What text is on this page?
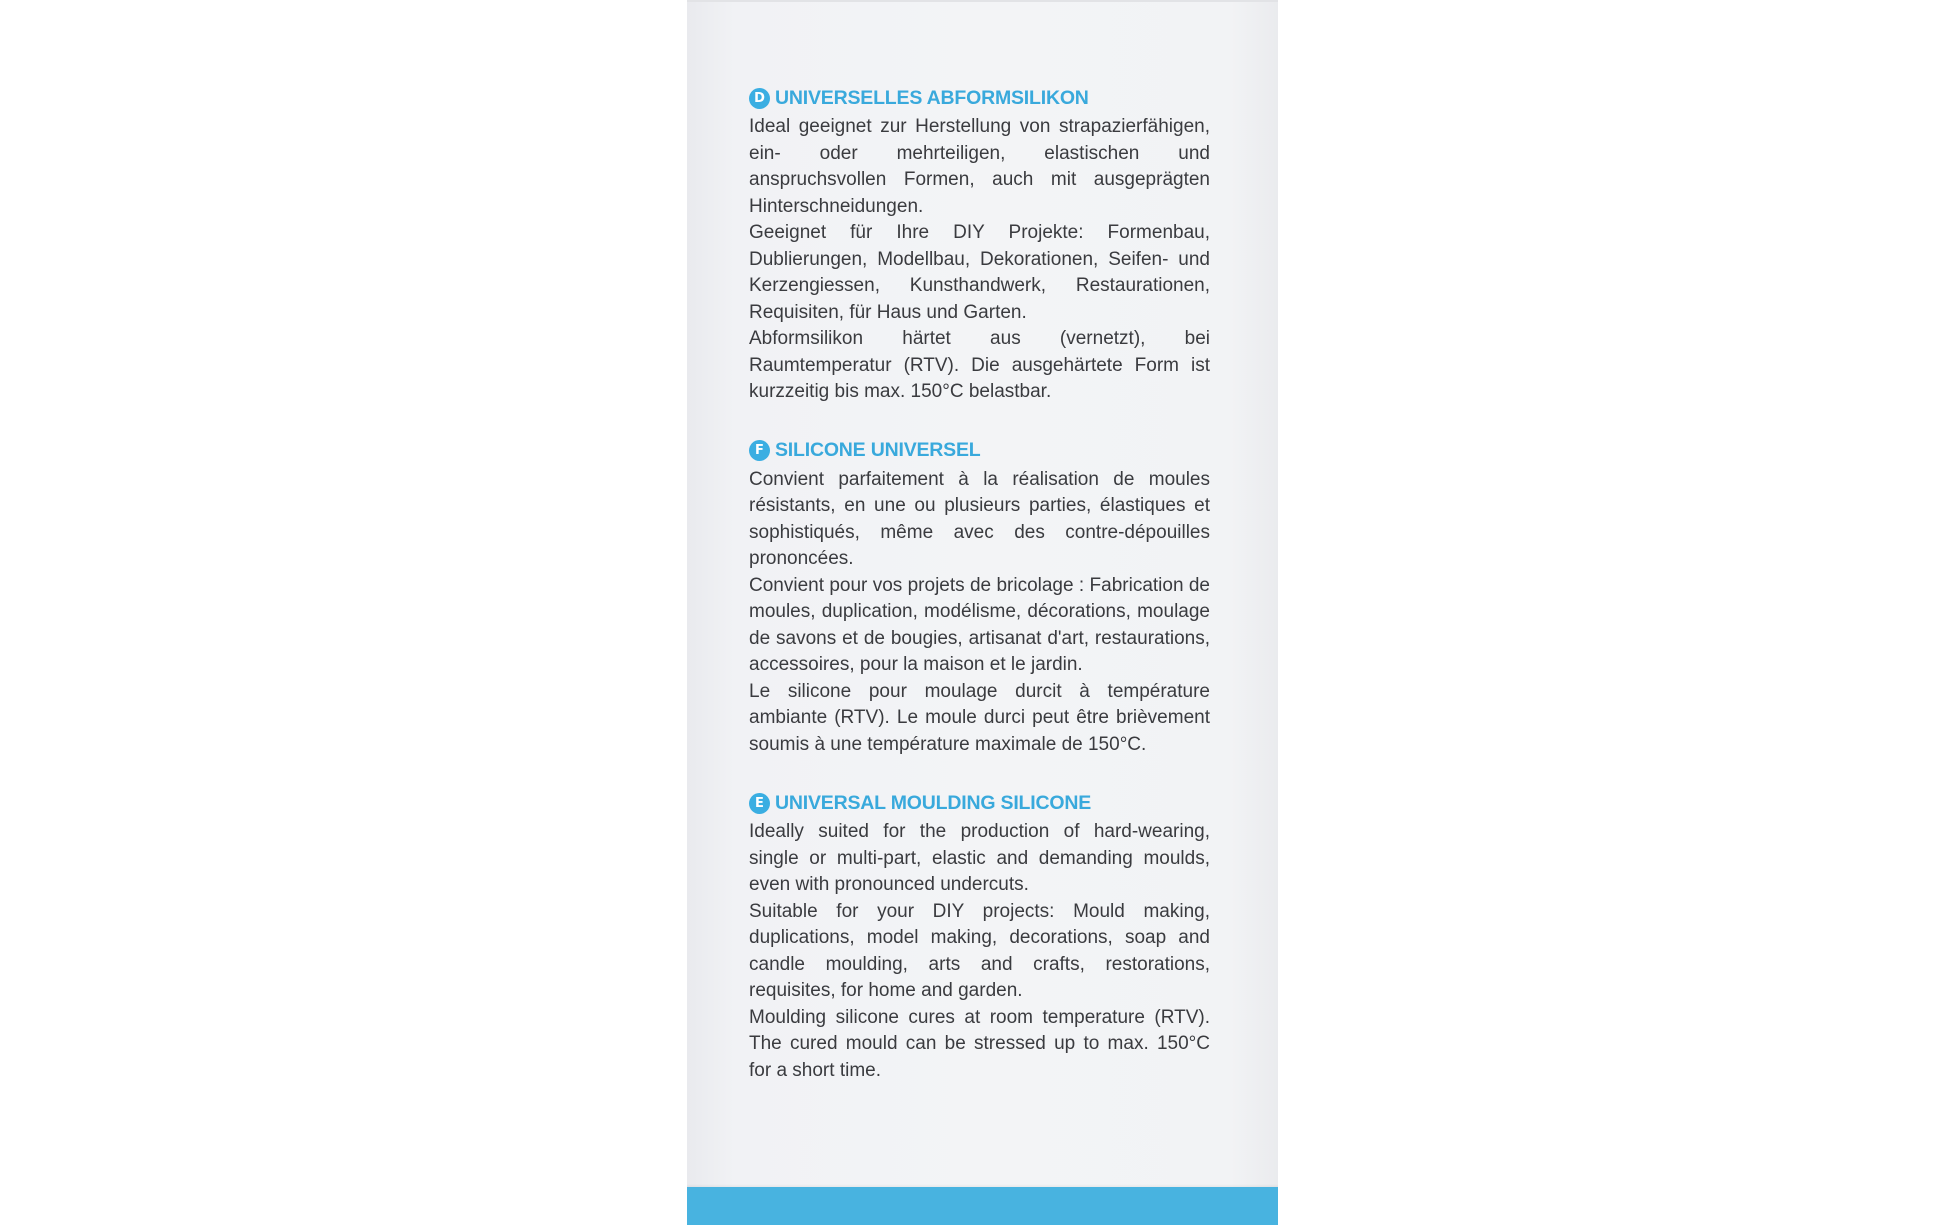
D UNIVERSELLES ABFORMSILIKON

Ideal geeignet zur Herstellung von strapazierfähigen, ein- oder mehrteiligen, elastischen und anspruchsvollen Formen, auch mit ausgeprägten Hinterschneidungen.

Geeignet für Ihre DIY Projekte: Formenbau, Dublierungen, Modellbau, Dekorationen, Seifen- und Kerzengiessen, Kunsthandwerk, Restaurationen, Requisiten, für Haus und Garten.

Abformsilikon härtet aus (vernetzt), bei Raumtemperatur (RTV). Die ausgehärtete Form ist kurzzeitig bis max. 150°C belastbar.

F SILICONE UNIVERSEL

Convient parfaitement à la réalisation de moules résistants, en une ou plusieurs parties, élastiques et sophistiqués, même avec des contre-dépouilles prononcées.

Convient pour vos projets de bricolage : Fabrication de moules, duplication, modélisme, décorations, moulage de savons et de bougies, artisanat d'art, restaurations, accessoires, pour la maison et le jardin.

Le silicone pour moulage durcit à température ambiante (RTV). Le moule durci peut être brièvement soumis à une température maximale de 150°C.

E UNIVERSAL MOULDING SILICONE

Ideally suited for the production of hard-wearing, single or multi-part, elastic and demanding moulds, even with pronounced undercuts.

Suitable for your DIY projects: Mould making, duplications, model making, decorations, soap and candle moulding, arts and crafts, restorations, requisites, for home and garden.

Moulding silicone cures at room temperature (RTV). The cured mould can be stressed up to max. 150°C for a short time.
